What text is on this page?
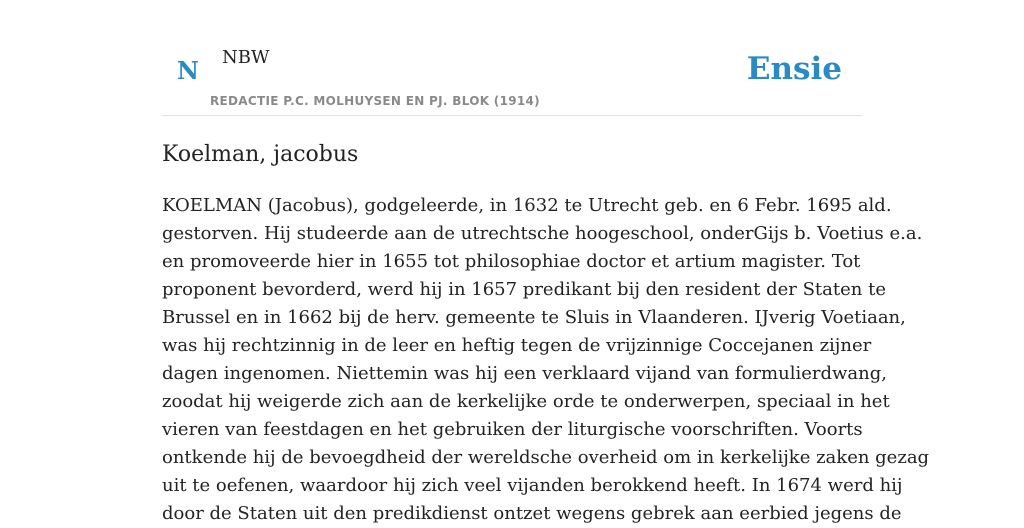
N NBW
REDACTIE P.C. MOLHUYSEN EN PJ. BLOK (1914)
Ensie
Koelman, jacobus
KOELMAN (Jacobus), godgeleerde, in 1632 te Utrecht geb. en 6 Febr. 1695 ald.
gestorven. Hij studeerde aan de utrechtsche hoogeschool, onderGijs b. Voetius e.a.
en promoveerde hier in 1655 tot philosophiae doctor et artium magister. Tot
proponent bevorderd, werd hij in 1657 predikant bij den resident der Staten te
Brussel en in 1662 bij de herv. gemeente te Sluis in Vlaanderen. IJverig Voetiaan,
was hij rechtzinnig in de leer en heftig tegen de vrijzinnige Coccejanen zijner
dagen ingenomen. Niettemin was hij een verklaard vijand van formulierdwang,
zoodat hij weigerde zich aan de kerkelijke orde te onderwerpen, speciaal in het
vieren van feestdagen en het gebruiken der liturgische voorschriften. Voorts
ontkende hij de bevoegdheid der wereldsche overheid om in kerkelijke zaken gezag
uit te oefenen, waardoor hij zich veel vijanden berokkend heeft. In 1674 werd hij
door de Staten uit den predikdienst ontzet wegens gebrek aan eerbied jegens de
